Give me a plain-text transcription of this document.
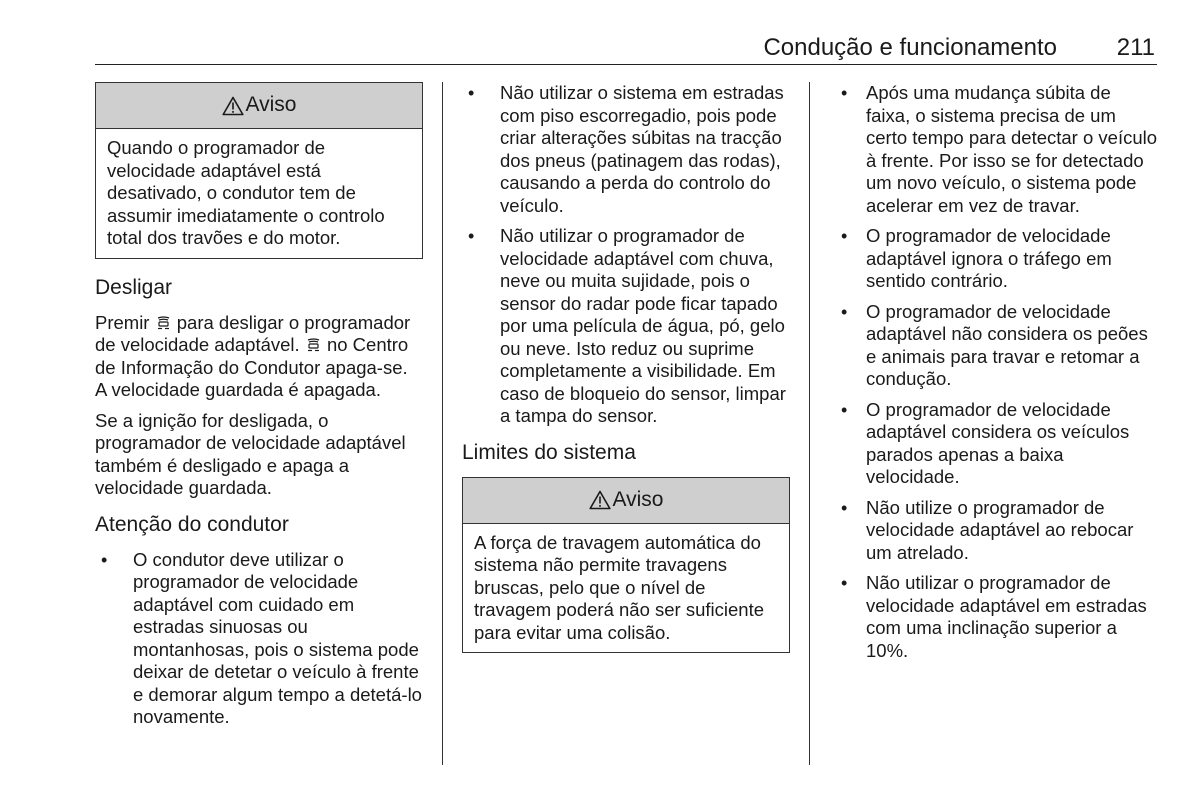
Condução e funcionamento 211
Aviso
Quando o programador de velocidade adaptável está desativado, o condutor tem de assumir imediatamente o controlo total dos travões e do motor.
Desligar

Premir para desligar o programador de velocidade adaptável. no Centro de Informação do Condutor apaga-se. A velocidade guardada é apagada.

Se a ignição for desligada, o programador de velocidade adaptável também é desligado e apaga a velocidade guardada.

Atenção do condutor
• O condutor deve utilizar o programador de velocidade adaptável com cuidado em estradas sinuosas ou montanhosas, pois o sistema pode deixar de detetar o veículo à frente e demorar algum tempo a detetá-lo novamente.
• Não utilizar o sistema em estradas com piso escorregadio, pois pode criar alterações súbitas na tracção dos pneus (patinagem das rodas), causando a perda do controlo do veículo.
• Não utilizar o programador de velocidade adaptável com chuva, neve ou muita sujidade, pois o sensor do radar pode ficar tapado por uma película de água, pó, gelo ou neve. Isto reduz ou suprime completamente a visibilidade. Em caso de bloqueio do sensor, limpar a tampa do sensor.
Limites do sistema
Aviso
A força de travagem automática do sistema não permite travagens bruscas, pelo que o nível de travagem poderá não ser suficiente para evitar uma colisão.
• Após uma mudança súbita de faixa, o sistema precisa de um certo tempo para detectar o veículo à frente. Por isso se for detectado um novo veículo, o sistema pode acelerar em vez de travar.
• O programador de velocidade adaptável ignora o tráfego em sentido contrário.
• O programador de velocidade adaptável não considera os peões e animais para travar e retomar a condução.
• O programador de velocidade adaptável considera os veículos parados apenas a baixa velocidade.
• Não utilize o programador de velocidade adaptável ao rebocar um atrelado.
• Não utilizar o programador de velocidade adaptável em estradas com uma inclinação superior a 10%.
